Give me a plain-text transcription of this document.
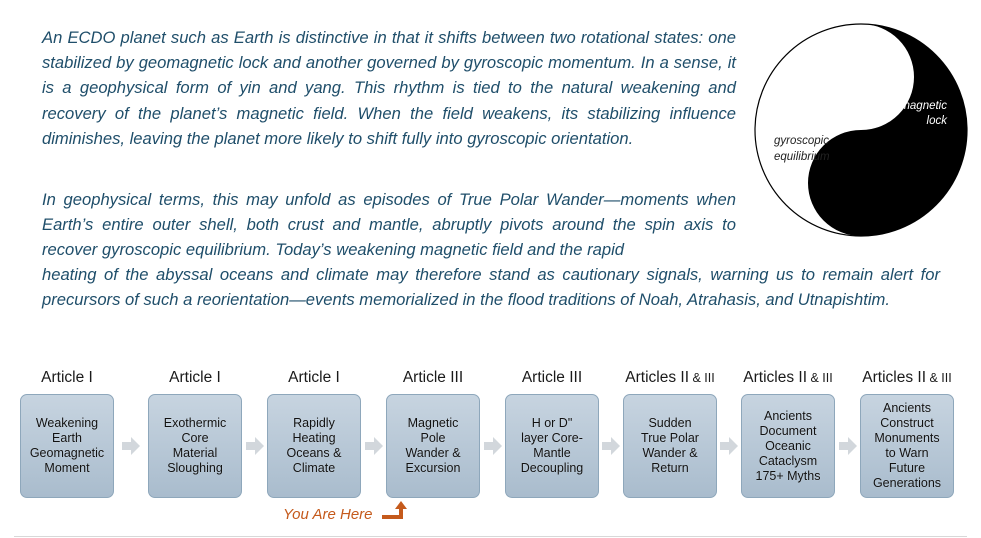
An ECDO planet such as Earth is distinctive in that it shifts between two rotational states: one stabilized by geomagnetic lock and another governed by gyroscopic momentum. In a sense, it is a geophysical form of yin and yang. This rhythm is tied to the natural weakening and recovery of the planet’s magnetic field. When the field weakens, its stabilizing influence diminishes, leaving the planet more likely to shift fully into gyroscopic orientation.

In geophysical terms, this may unfold as episodes of True Polar Wander—moments when Earth’s entire outer shell, both crust and mantle, abruptly pivots around the spin axis to recover gyroscopic equilibrium. Today’s weakening magnetic field and the rapid

heating of the abyssal oceans and climate may therefore stand as cautionary signals, warning us to remain alert for precursors of such a reorientation—events memorialized in the flood traditions of Noah, Atrahasis, and Utnapishtim.

geomagnetic
lock
gyroscopic
equilibrium
Article I
Weakening
Earth
Geomagnetic
Moment
Article I
Exothermic
Core
Material
Sloughing
Article I
Rapidly
Heating
Oceans &
Climate
Article III
Magnetic
Pole
Wander &
Excursion
Article III
H or D"
layer Core-
Mantle
Decoupling
Articles II & III
Sudden
True Polar
Wander &
Return
Articles II & III
Ancients
Document
Oceanic
Cataclysm
175+ Myths
Articles II & III
Ancients
Construct
Monuments
to Warn
Future
Generations
You Are Here
